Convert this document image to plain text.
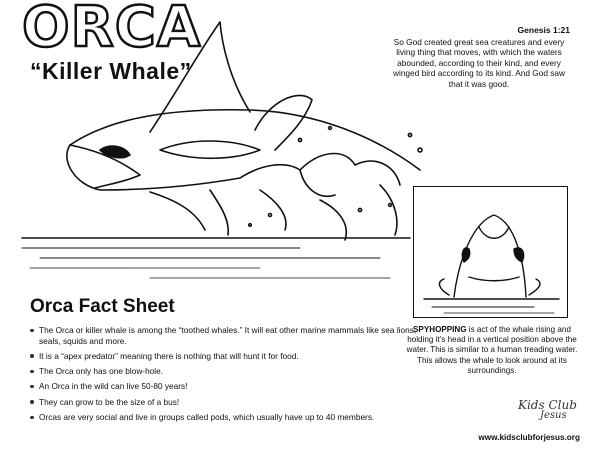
ORCA
“Killer Whale”
Genesis 1:21
So God created great sea creatures and every living thing that moves, with which the waters abounded, according to their kind, and every winged bird according to its kind. And God saw that it was good.
SPYHOPPING is act of the whale rising and holding it’s head in a vertical position above the water. This is similar to a human treading water. This allows the whale to look around at its surroundings.
Orca Fact Sheet
The Orca or killer whale is among the “toothed whales.” It will eat other marine mammals like sea lions, seals, squids and more.
It is a “apex predator” meaning there is nothing that will hunt it for food.
The Orca only has one blow-hole.
An Orca in the wild can live 50-80 years!
They can grow to be the size of a bus!
Orcas are very social and live in groups called pods, which usually have up to 40 members.
Kids Club
Jesus
www.kidsclubforjesus.org
